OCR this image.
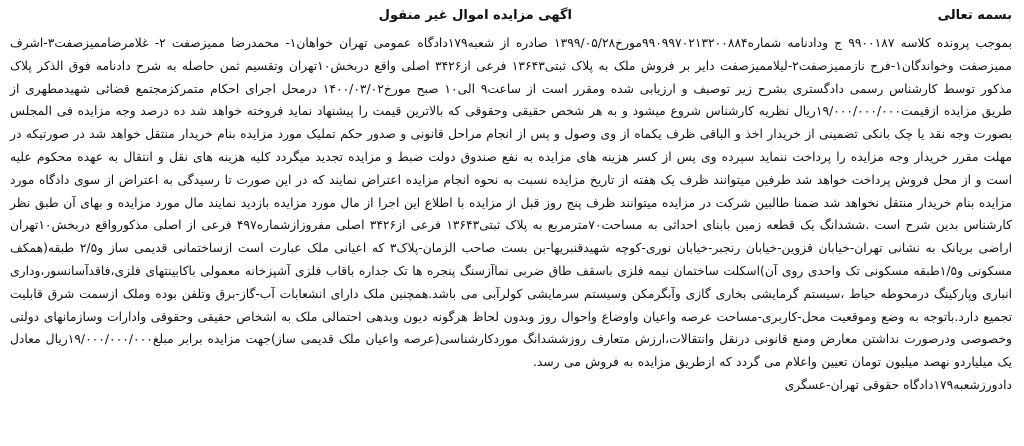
بسمه تعالی
اگهی مزایده اموال غیر منقول

بموجب پرونده کلاسه ۹۹۰۰۱۸۷ ج ودادنامه شماره۹۹۰۹۹۷۰۲۱۳۲۰۰۸۸۴مورخ۱۳۹۹/۰۵/۲۸ صادره از شعبه۱۷۹دادگاه عمومی تهران خواهان۱- محمدرضا ممیزصفت ۲- غلامرضاممیزصفت۳-اشرف ممیزصفت وخواندگان۱-فرح نازممیزصفت۲-لیلاممیزصفت دایر بر فروش ملک به پلاک ثبتی۱۳۶۴۳ فرعی از۳۴۲۶ اصلی واقع دربخش۱۰تهران وتقسیم ثمن حاصله به شرح دادنامه فوق الذکر پلاک مذکور توسط کارشناس رسمی دادگستری بشرح زیر توصیف و ارزیابی شده ومقرر است از ساعت۹ الی۱۰ صبح مورخ۱۴۰۰/۰۳/۰۲ درمحل اجرای احکام متمرکزمجتمع قضائی شهیدمطهری از طریق مزایده ازقیمت۱۹/۰۰۰/۰۰۰/۰۰۰ریال نظریه کارشناس شروع میشود و به هر شخص حقیقی وحقوقی که بالاترین قیمت را پیشنهاد نماید فروخته خواهد شد ده درصد وجه مزایده فی المجلس بصورت وجه نقد یا چک بانکی تضمینی از خریدار اخذ و الباقی ظرف یکماه از وی وصول و پس از انجام مراحل قانونی و صدور حکم تملیک مورد مزایده بنام خریدار منتقل خواهد شد در صورتیکه در مهلت مقرر خریدار وجه مزایده را پرداخت ننماید سپرده وی پس از کسر هزینه های مزایده به نفع صندوق دولت ضبط و مزایده تجدید میگردد کلیه هزینه های نقل و انتقال به عهده محکوم علیه است و از محل فروش پرداخت خواهد شد طرفین میتوانند ظرف یک هفته از تاریخ مزایده نسبت به نحوه انجام مزایده اعتراض نمایند که در این صورت تا رسیدگی به اعتراض از سوی دادگاه مورد مزایده بنام خریدار منتقل نخواهد شد ضمنا طالبین شرکت در مزایده میتوانند ظرف پنج روز قبل از مزایده با اطلاع این اجرا از مال مورد مزایده بازدید نمایند مال مورد مزایده و بهای آن طبق نظر کارشناس بدین شرح است .ششدانگ یک قطعه زمین بابنای احداثی به مساحت۷۰مترمربع به پلاک ثبتی۱۳۶۴۳ فرعی از۳۴۲۶ اصلی مفروزازشماره۴۹۷ فرعی از اصلی مذکورواقع دربخش۱۰تهران اراضی بریانک به نشانی تهران-خیابان قزوین-خیابان رنجبر-خیابان نوری-کوچه شهیدقنبریها-بن بست صاحب الزمان-پلاک۳ که اعیانی ملک عبارت است ازساختمانی قدیمی ساز و۲/۵ طبقه(همکف مسکونی و۱/۵طبقه مسکونی تک واحدی روی آن)اسکلت ساختمان نیمه فلزی باسقف طاق ضربی نماآزسنگ پنجره ها تک جداره باقاب فلزی آشپزخانه معمولی باکابینتهای فلزی،فاقدآسانسور،وداری انباری وپارکینگ درمحوطه حیاط ،سیستم گرمایشی بخاری گازی وآبگرمکن وسیستم سرمایشی کولرآبی می باشد.همچنین ملک دارای انشعابات آب-گاز-برق وتلفن بوده وملک ازسمت شرق قابلیت تجمیع دارد.باتوجه به وضع وموقعیت محل-کاربری-مساحت عرصه واعیان واوضاع واحوال روز وبدون لحاظ هرگونه دیون وبدهی احتمالی ملک به اشخاص حقیقی وحقوقی وادارات وسازمانهای دولتی وخصوصی ودرصورت نداشتن معارض ومنع قانونی درنقل وانتقالات،ارزش متعارف روزششدانگ موردکارشناسی(عرصه واعیان ملک قدیمی ساز)جهت مزایده برابر مبلغ۱۹/۰۰۰/۰۰۰/۰۰۰ریال معادل یک میلیاردو نهصد میلیون تومان تعیین واعلام می گردد که ازطریق مزایده به فروش می رسد.

دادورزشعبه۱۷۹دادگاه حقوقی تهران-عسگری
